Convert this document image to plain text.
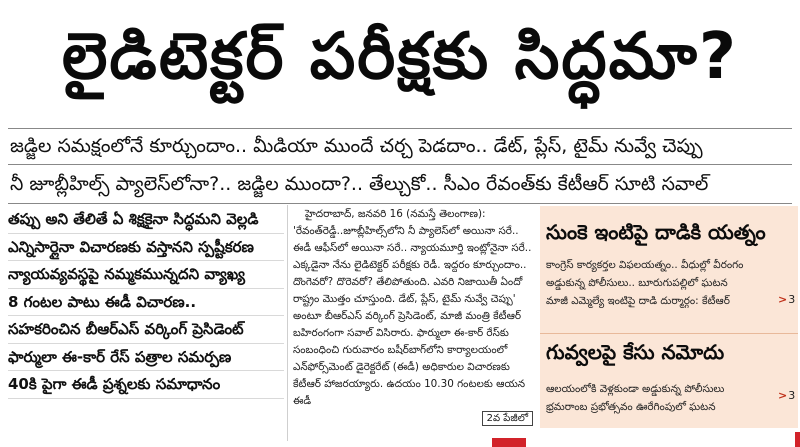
లైడిటెక్టర్ పరీక్షకు సిద్ధమా?
జడ్జిల సమక్షంలోనే కూర్చుందాం.. మీడియా ముందే చర్చ పెడదాం.. డేట్, ప్లేస్, టైమ్ నువ్వే చెప్పు
నీ జూబ్లీహిల్స్ ప్యాలెస్‌లోనా?.. జడ్జిల ముందా?.. తేల్చుకో.. సీఎం రేవంత్‌కు కేటీఆర్ సూటి సవాల్
తప్పు అని తేలితే ఏ శిక్షకైనా సిద్ధమని వెల్లడి
ఎన్నిసార్లైనా విచారణకు వస్తానని స్పష్టీకరణ
న్యాయవ్యవస్థపై నమ్మకమున్నదని వ్యాఖ్య
8 గంటల పాటు ఈడీ విచారణ..
సహకరించిన బీఆర్ఎస్ వర్కింగ్ ప్రెసిడెంట్
ఫార్ములా ఈ-కార్ రేస్ పత్రాల సమర్పణ
40కి పైగా ఈడీ ప్రశ్నలకు సమాధానం

హైదరాబాద్, జనవరి 16 (నమస్తే తెలంగాణ): 'రేవంత్‌రెడ్డీ..జూబ్లీహిల్స్‌లోని నీ ప్యాలెస్‌లో అయినా సరే.. ఈడీ ఆఫీస్‌లో అయినా సరే.. న్యాయమూర్తి ఇంట్లోనైనా సరే.. ఎక్కడైనా నేను లైడిటెక్టర్ పరీక్షకు రెడీ. ఇద్దరం కూర్చుందాం.. దొంగెవరో? దొరెవరో? తేలిపోతుంది. ఎవరి నిజాయితీ ఏందో రాష్ట్రం మొత్తం చూస్తుంది. డేట్, ప్లేస్, టైమ్ నువ్వే చెప్పు' అంటూ బీఆర్ఎస్ వర్కింగ్ ప్రెసిడెంట్, మాజీ మంత్రి కేటీఆర్ బహిరంగంగా సవాల్ విసిరారు. ఫార్ములా ఈ-కార్ రేస్‌కు సంబంధించి గురువారం బషీర్‌బాగ్‌లోని కార్యాలయంలో ఎన్‌ఫోర్స్‌మెంట్ డైరెక్టరేట్ (ఈడీ) అధికారుల విచారణకు కేటీఆర్ హాజరయ్యారు. ఉదయం 10.30 గంటలకు ఆయన ఈడీ

2వ పేజీలో
సుంకె ఇంటిపై దాడికి యత్నం
కాంగ్రెస్ కార్యకర్తల విఫలయత్నం.. వీధుల్లో వీరంగం
అడ్డుకున్న పోలీసులు.. బూరుగుపల్లిలో ఘటన
మాజీ ఎమ్మెల్యే ఇంటిపై దాడి దుర్మార్గం: కేటీఆర్	>3
గువ్వలపై కేసు నమోదు
ఆలయంలోకి వెళ్లకుండా అడ్డుకున్న పోలీసులు
భ్రమరాంబ ప్రభోత్సవం ఊరేగింపులో ఘటన
>3
